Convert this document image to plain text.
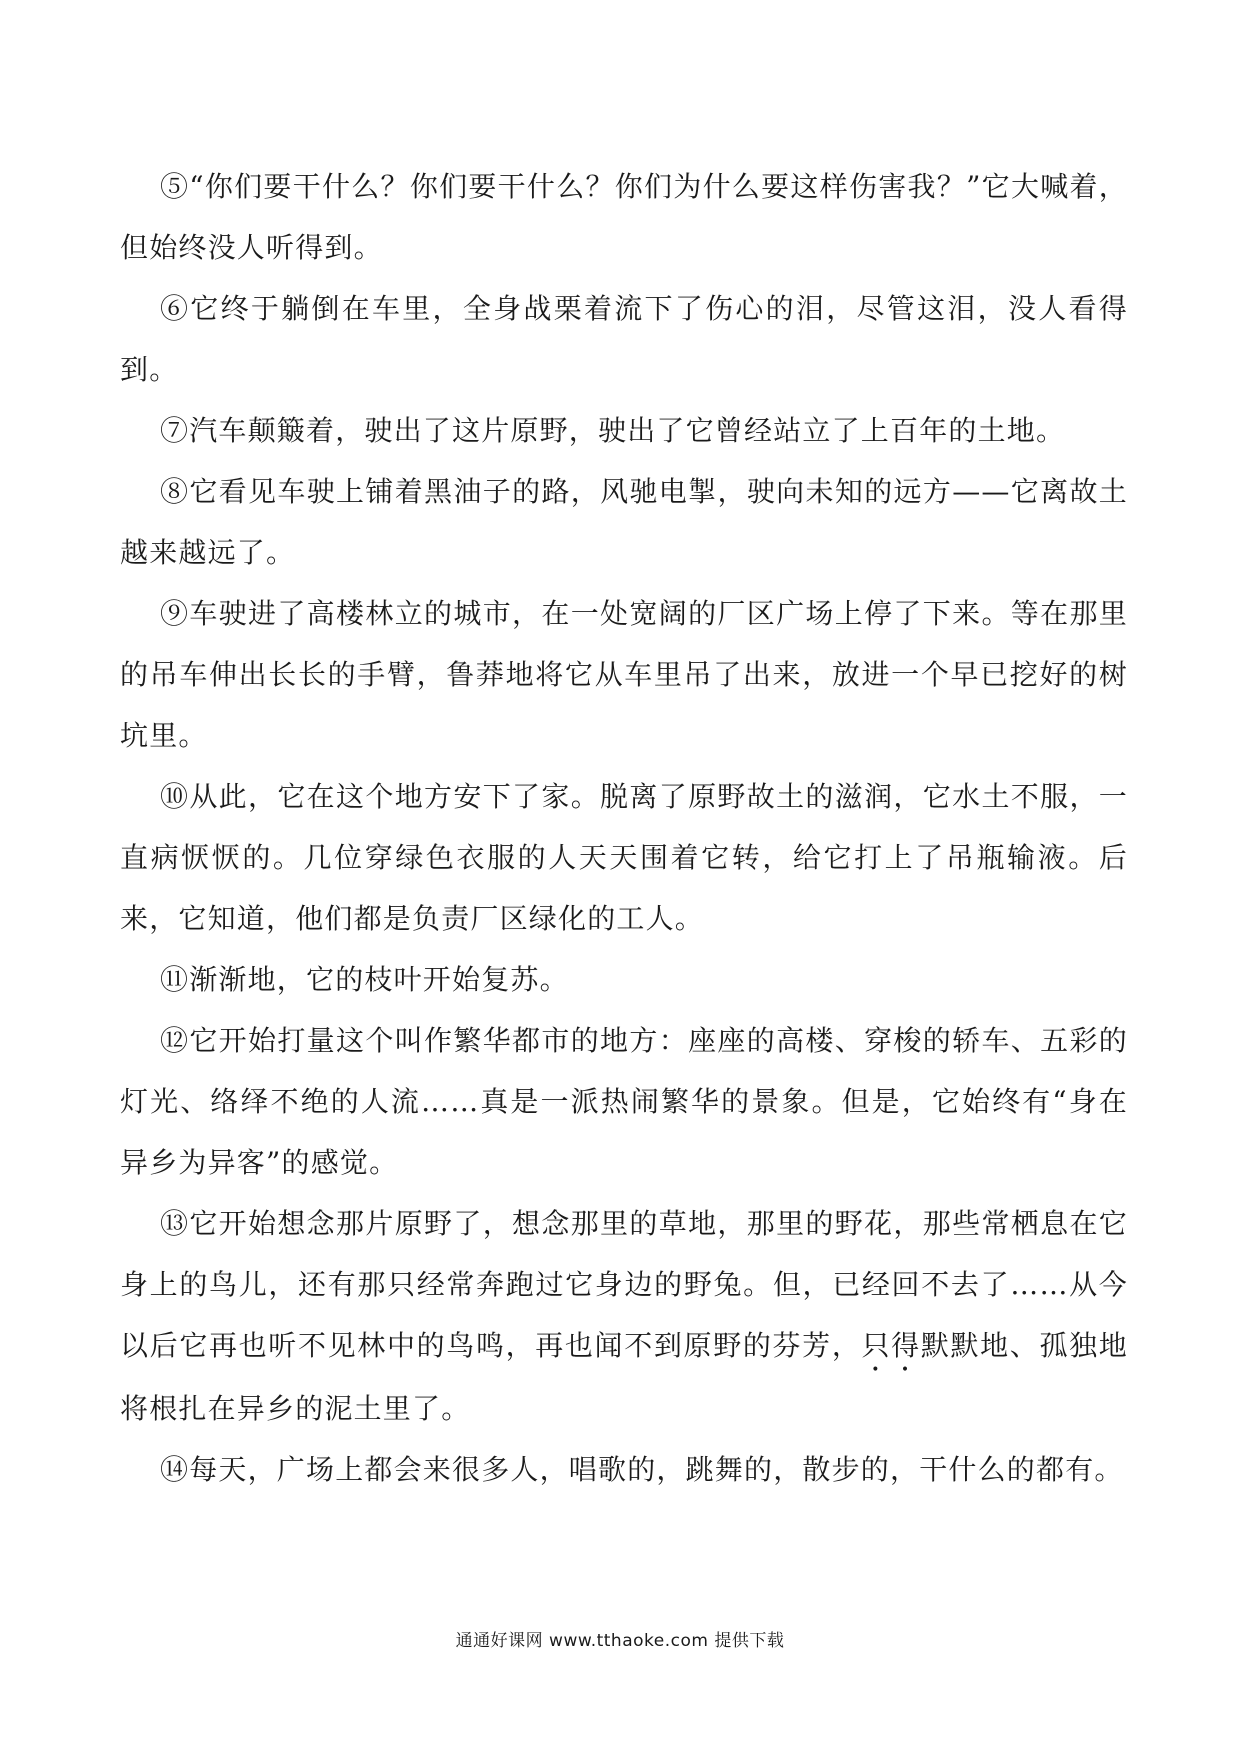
⑤“你们要干什么？你们要干什么？你们为什么要这样伤害我？”它大喊着，但始终没人听得到。

⑥它终于躺倒在车里，全身战栗着流下了伤心的泪，尽管这泪，没人看得到。

⑦汽车颠簸着，驶出了这片原野，驶出了它曾经站立了上百年的土地。

⑧它看见车驶上铺着黑油子的路，风驰电掣，驶向未知的远方——它离故土越来越远了。

⑨车驶进了高楼林立的城市，在一处宽阔的厂区广场上停了下来。等在那里的吊车伸出长长的手臂，鲁莽地将它从车里吊了出来，放进一个早已挖好的树坑里。

⑩从此，它在这个地方安下了家。脱离了原野故土的滋润，它水土不服，一直病恹恹的。几位穿绿色衣服的人天天围着它转，给它打上了吊瓶输液。后来，它知道，他们都是负责厂区绿化的工人。

⑪渐渐地，它的枝叶开始复苏。

⑫它开始打量这个叫作繁华都市的地方：座座的高楼、穿梭的轿车、五彩的灯光、络绎不绝的人流……真是一派热闹繁华的景象。但是，它始终有“身在异乡为异客”的感觉。

⑬它开始想念那片原野了，想念那里的草地，那里的野花，那些常栖息在它身上的鸟儿，还有那只经常奔跑过它身边的野兔。但，已经回不去了……从今以后它再也听不见林中的鸟鸣，再也闻不到原野的芬芳，只得默默地、孤独地将根扎在异乡的泥土里了。

⑭每天，广场上都会来很多人，唱歌的，跳舞的，散步的，干什么的都有。

通通好课网 www.tthaoke.com 提供下载
